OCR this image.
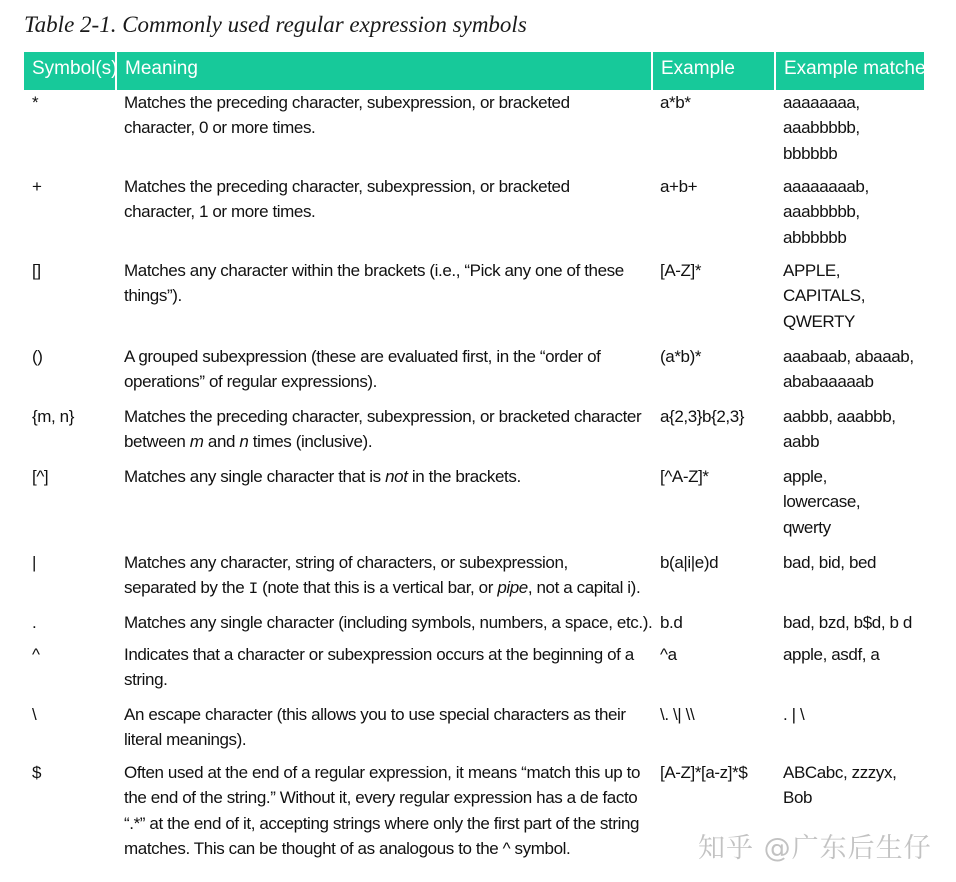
Table 2-1. Commonly used regular expression symbols
Symbol(s)	Meaning	Example	Example matches
*	Matches the preceding character, subexpression, or bracketed character, 0 or more times.	a*b*	aaaaaaaa,
aaabbbbb,
bbbbbb

+	Matches the preceding character, subexpression, or bracketed character, 1 or more times.	a+b+	aaaaaaaab,
aaabbbbb,
abbbbbb

[]	Matches any character within the brackets (i.e., “Pick any one of these things”).	[A-Z]*	APPLE,
CAPITALS,
QWERTY

()	A grouped subexpression (these are evaluated first, in the “order of operations” of regular expressions).	(a*b)*	aaabaab, abaaab,
ababaaaaab

{m, n}	Matches the preceding character, subexpression, or bracketed character between m and n times (inclusive).	a{2,3}b{2,3}	aabbb, aaabbb,
aabb

[^]	Matches any single character that is not in the brackets.	[^A-Z]*	apple,
lowercase,
qwerty

|	Matches any character, string of characters, or subexpression, separated by the I (note that this is a vertical bar, or pipe, not a capital i).	b(a|i|e)d	bad, bid, bed

.	Matches any single character (including symbols, numbers, a space, etc.).	b.d	bad, bzd, b$d, b d

^	Indicates that a character or subexpression occurs at the beginning of a string.	^a	apple, asdf, a

\	An escape character (this allows you to use special characters as their literal meanings).	\. \| \\	. | \

$	Often used at the end of a regular expression, it means “match this up to the end of the string.” Without it, every regular expression has a de facto “.*” at the end of it, accepting strings where only the first part of the string matches. This can be thought of as analogous to the ^ symbol.	[A-Z]*[a-z]*$	ABCabc, zzzyx,
Bob
知乎 @广东后生仔
